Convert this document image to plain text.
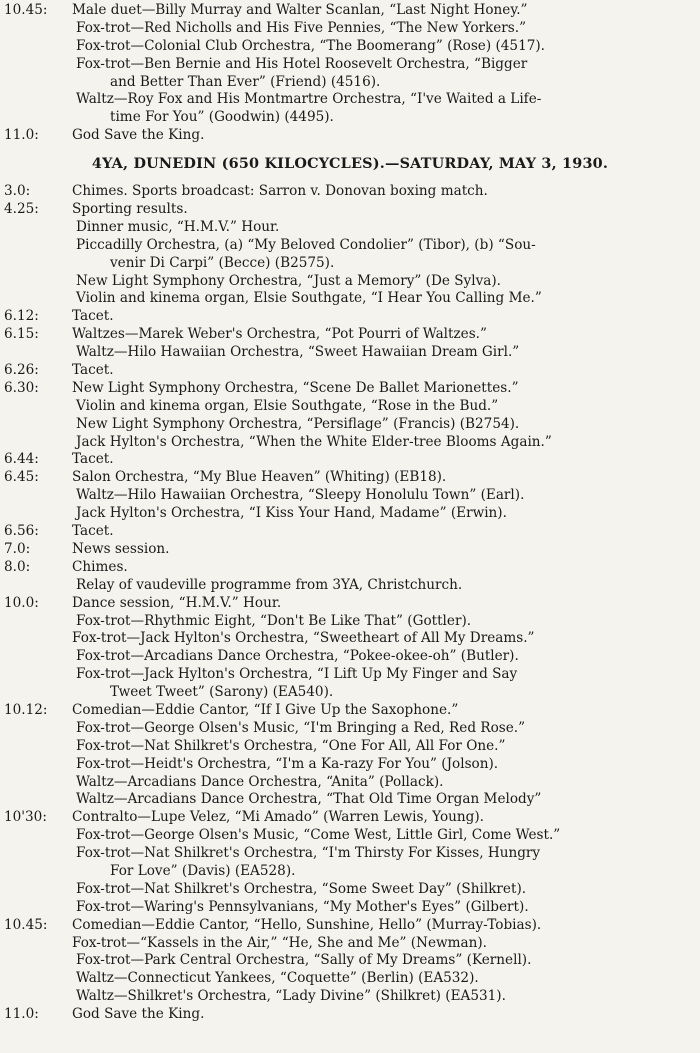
10.45: Male duet—Billy Murray and Walter Scanlan, “Last Night Honey.”
Fox-trot—Red Nicholls and His Five Pennies, “The New Yorkers.”
Fox-trot—Colonial Club Orchestra, “The Boomerang” (Rose) (4517).
Fox-trot—Ben Bernie and His Hotel Roosevelt Orchestra, “Bigger
and Better Than Ever” (Friend) (4516).
Waltz—Roy Fox and His Montmartre Orchestra, “I've Waited a Life-
time For You” (Goodwin) (4495).
11.0: God Save the King.
4YA, DUNEDIN (650 KILOCYCLES).—SATURDAY, MAY 3, 1930.
3.0:	Chimes. Sports broadcast: Sarron v. Donovan boxing match.
4.25: Sporting results.
Dinner music, “H.M.V.” Hour.
Piccadilly Orchestra, (a) “My Beloved Condolier” (Tibor), (b) “Sou-
venir Di Carpi” (Becce) (B2575).
New Light Symphony Orchestra, “Just a Memory” (De Sylva).
Violin and kinema organ, Elsie Southgate, “I Hear You Calling Me.”
6.12: Tacet.
6.15: Waltzes—Marek Weber's Orchestra, “Pot Pourri of Waltzes.”
Waltz—Hilo Hawaiian Orchestra, “Sweet Hawaiian Dream Girl.”
6.26: Tacet.
6.30: New Light Symphony Orchestra, “Scene De Ballet Marionettes.”
Violin and kinema organ, Elsie Southgate, “Rose in the Bud.”
New Light Symphony Orchestra, “Persiflage” (Francis) (B2754).
Jack Hylton's Orchestra, “When the White Elder-tree Blooms Again.”
6.44: Tacet.
6.45: Salon Orchestra, “My Blue Heaven” (Whiting) (EB18).
Waltz—Hilo Hawaiian Orchestra, “Sleepy Honolulu Town” (Earl).
Jack Hylton's Orchestra, “I Kiss Your Hand, Madame” (Erwin).
6.56: Tacet.
7.0:	News session.
8.0:	Chimes.
Relay of vaudeville programme from 3YA, Christchurch.
10.0: Dance session, “H.M.V.” Hour.
Fox-trot—Rhythmic Eight, “Don't Be Like That” (Gottler).
Fox-trot—Jack Hylton's Orchestra, “Sweetheart of All My Dreams.”
Fox-trot—Arcadians Dance Orchestra, “Pokee-okee-oh” (Butler).
Fox-trot—Jack Hylton's Orchestra, “I Lift Up My Finger and Say
Tweet Tweet” (Sarony) (EA540).
10.12: Comedian—Eddie Cantor, “If I Give Up the Saxophone.”
Fox-trot—George Olsen's Music, “I'm Bringing a Red, Red Rose.”
Fox-trot—Nat Shilkret's Orchestra, “One For All, All For One.”
Fox-trot—Heidt's Orchestra, “I'm a Ka-razy For You” (Jolson).
Waltz—Arcadians Dance Orchestra, “Anita” (Pollack).
Waltz—Arcadians Dance Orchestra, “That Old Time Organ Melody”
10'30: Contralto—Lupe Velez, “Mi Amado” (Warren Lewis, Young).
Fox-trot—George Olsen's Music, “Come West, Little Girl, Come West.”
Fox-trot—Nat Shilkret's Orchestra, “I'm Thirsty For Kisses, Hungry
For Love” (Davis) (EA528).
Fox-trot—Nat Shilkret's Orchestra, “Some Sweet Day” (Shilkret).
Fox-trot—Waring's Pennsylvanians, “My Mother's Eyes” (Gilbert).
10.45: Comedian—Eddie Cantor, “Hello, Sunshine, Hello” (Murray-Tobias).
Fox-trot—“Kassels in the Air,” “He, She and Me” (Newman).
Fox-trot—Park Central Orchestra, “Sally of My Dreams” (Kernell).
Waltz—Connecticut Yankees, “Coquette” (Berlin) (EA532).
Waltz—Shilkret's Orchestra, “Lady Divine” (Shilkret) (EA531).
11.0: God Save the King.
